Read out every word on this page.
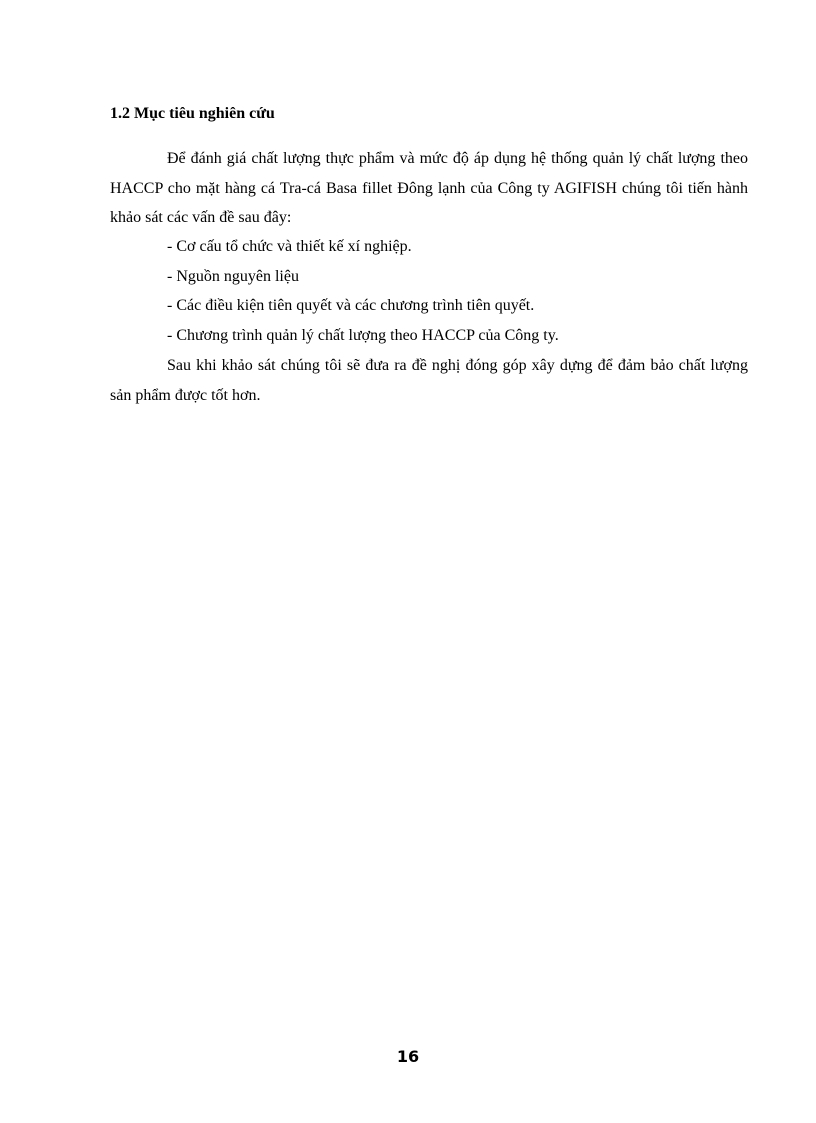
1.2 Mục tiêu nghiên cứu

Để đánh giá chất lượng thực phẩm và mức độ áp dụng hệ thống quản lý chất lượng theo HACCP cho mặt hàng cá Tra-cá Basa fillet Đông lạnh của Công ty AGIFISH chúng tôi tiến hành khảo sát các vấn đề sau đây:

- Cơ cấu tổ chức và thiết kế xí nghiệp.
- Nguồn nguyên liệu
- Các điều kiện tiên quyết và các chương trình tiên quyết.
- Chương trình quản lý chất lượng theo HACCP của Công ty.

Sau khi khảo sát chúng tôi sẽ đưa ra đề nghị đóng góp xây dựng để đảm bảo chất lượng sản phẩm được tốt hơn.

16
